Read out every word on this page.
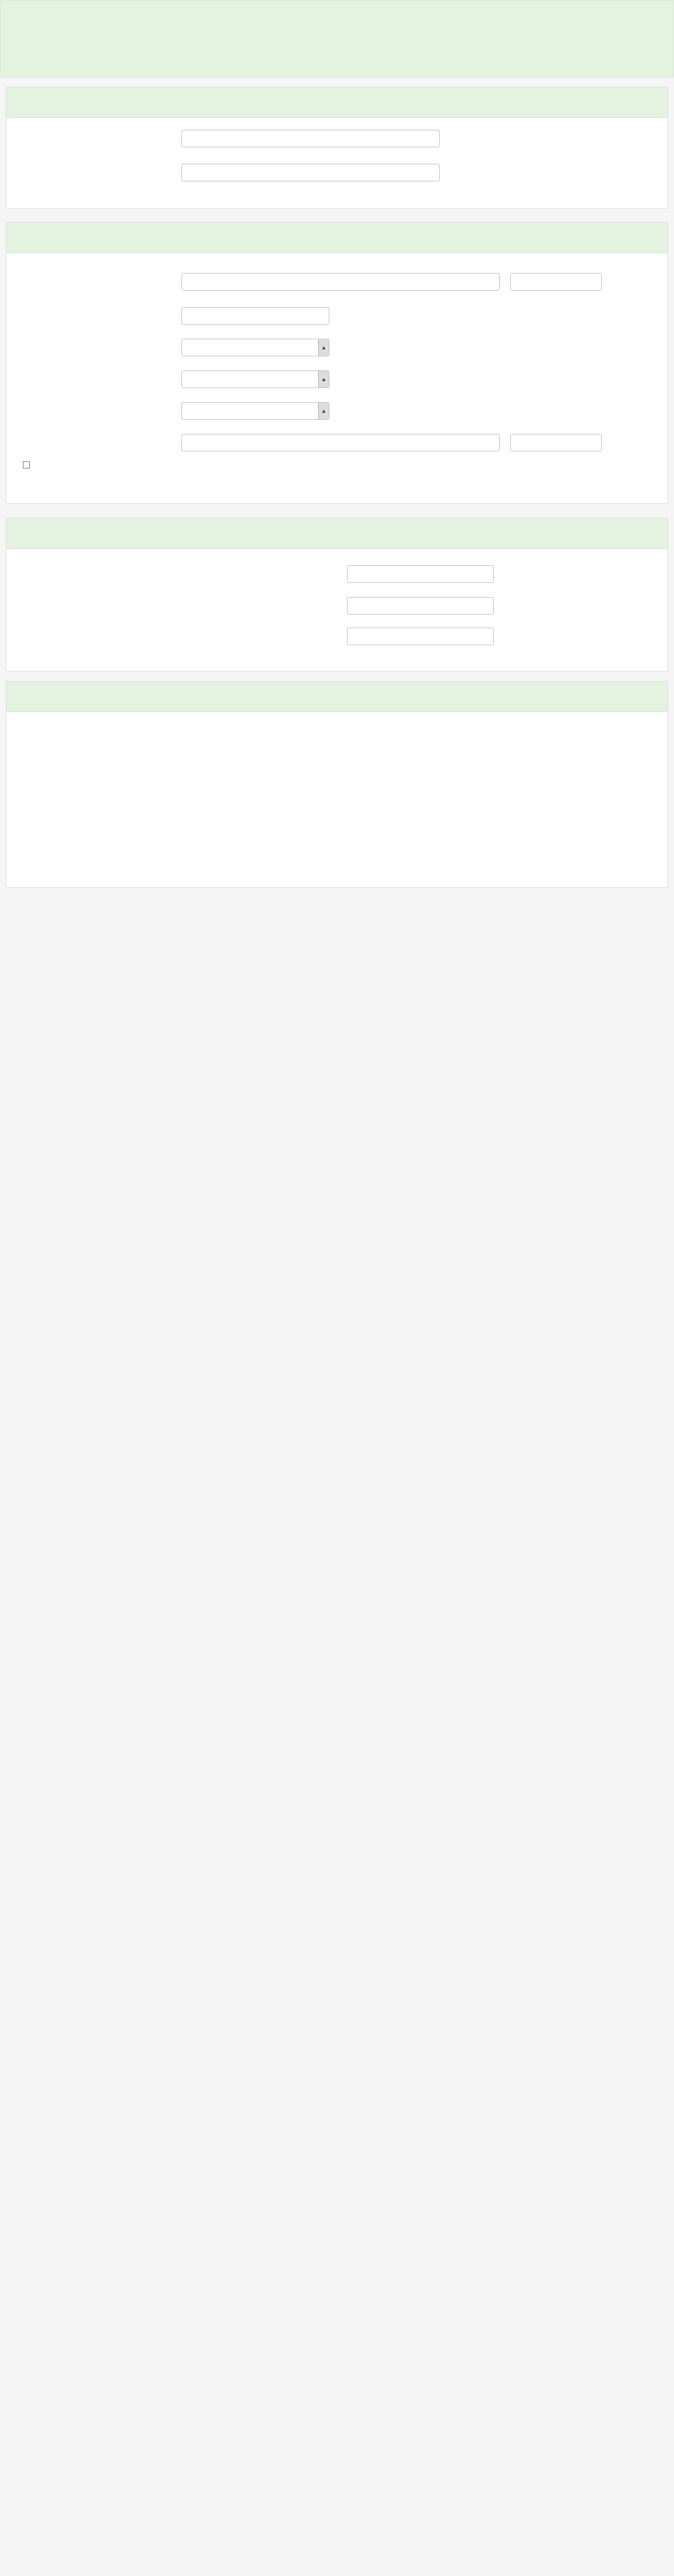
▲

▲
▲
